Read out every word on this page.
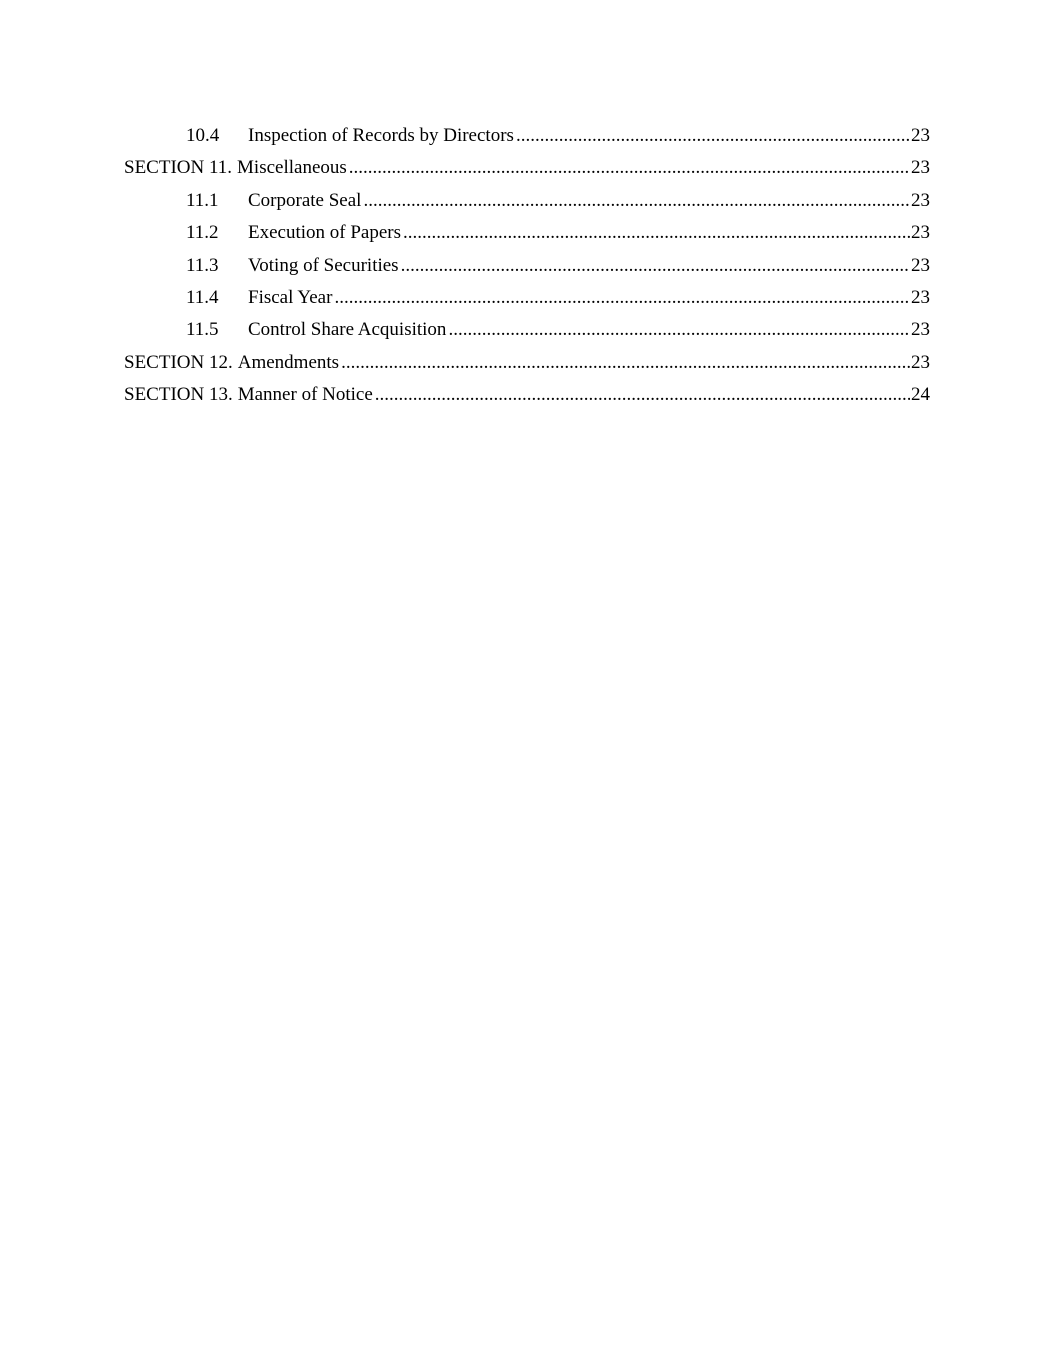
10.4	Inspection of Records by Directors .....	23
SECTION 11. Miscellaneous .....	23
11.1	Corporate Seal .....	23
11.2	Execution of Papers .....	23
11.3	Voting of Securities .....	23
11.4	Fiscal Year .....	23
11.5	Control Share Acquisition .....	23
SECTION 12. Amendments .....	23
SECTION 13. Manner of Notice .....	24
